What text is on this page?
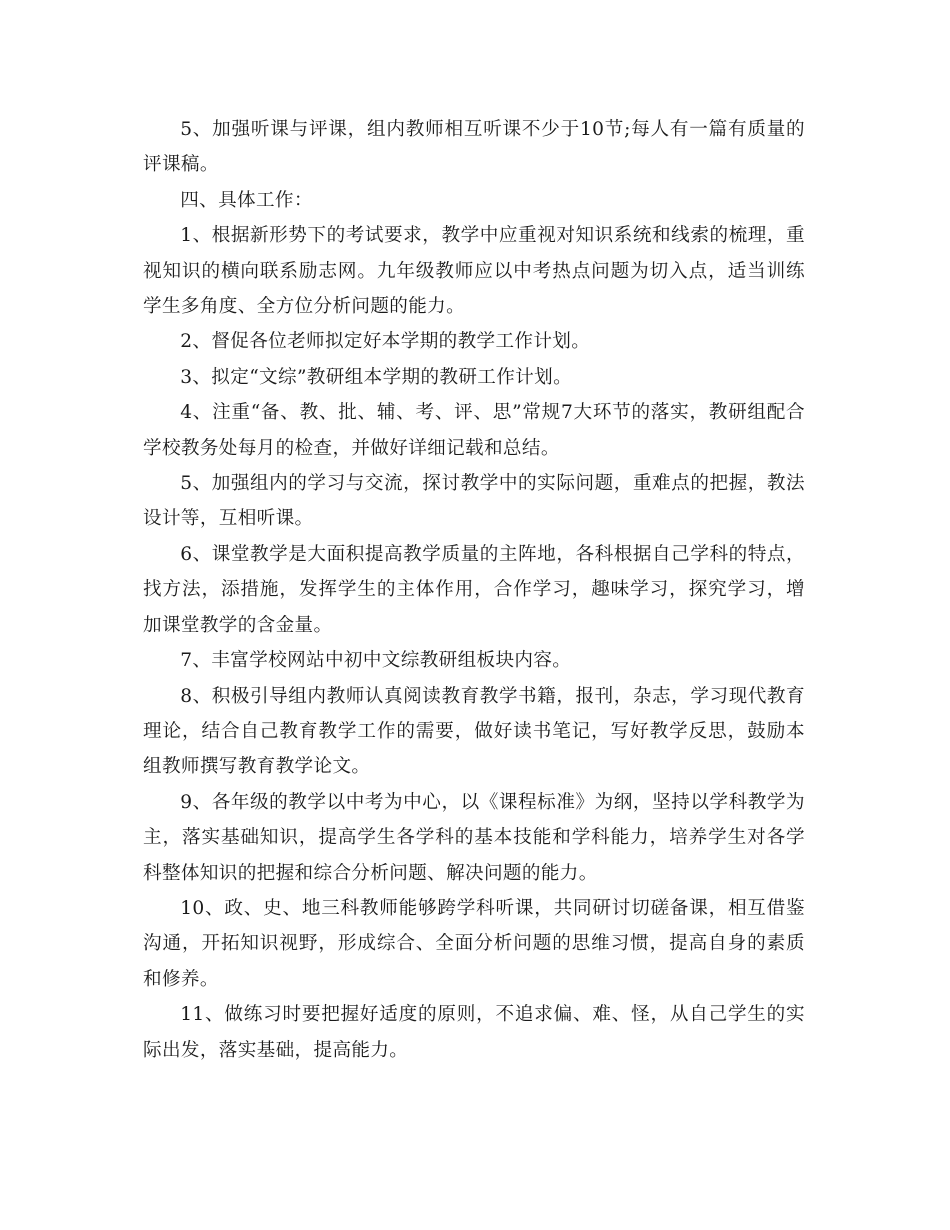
5、加强听课与评课，组内教师相互听课不少于10节;每人有一篇有质量的评课稿。

四、具体工作：

1、根据新形势下的考试要求，教学中应重视对知识系统和线索的梳理，重视知识的横向联系励志网。九年级教师应以中考热点问题为切入点，适当训练学生多角度、全方位分析问题的能力。

2、督促各位老师拟定好本学期的教学工作计划。

3、拟定“文综”教研组本学期的教研工作计划。

4、注重“备、教、批、辅、考、评、思”常规7大环节的落实，教研组配合学校教务处每月的检查，并做好详细记载和总结。

5、加强组内的学习与交流，探讨教学中的实际问题，重难点的把握，教法设计等，互相听课。

6、课堂教学是大面积提高教学质量的主阵地，各科根据自己学科的特点，找方法，添措施，发挥学生的主体作用，合作学习，趣味学习，探究学习，增加课堂教学的含金量。

7、丰富学校网站中初中文综教研组板块内容。

8、积极引导组内教师认真阅读教育教学书籍，报刊，杂志，学习现代教育理论，结合自己教育教学工作的需要，做好读书笔记，写好教学反思，鼓励本组教师撰写教育教学论文。

9、各年级的教学以中考为中心，以《课程标准》为纲，坚持以学科教学为主，落实基础知识，提高学生各学科的基本技能和学科能力，培养学生对各学科整体知识的把握和综合分析问题、解决问题的能力。

10、政、史、地三科教师能够跨学科听课，共同研讨切磋备课，相互借鉴沟通，开拓知识视野，形成综合、全面分析问题的思维习惯，提高自身的素质和修养。

11、做练习时要把握好适度的原则，不追求偏、难、怪，从自己学生的实际出发，落实基础，提高能力。
